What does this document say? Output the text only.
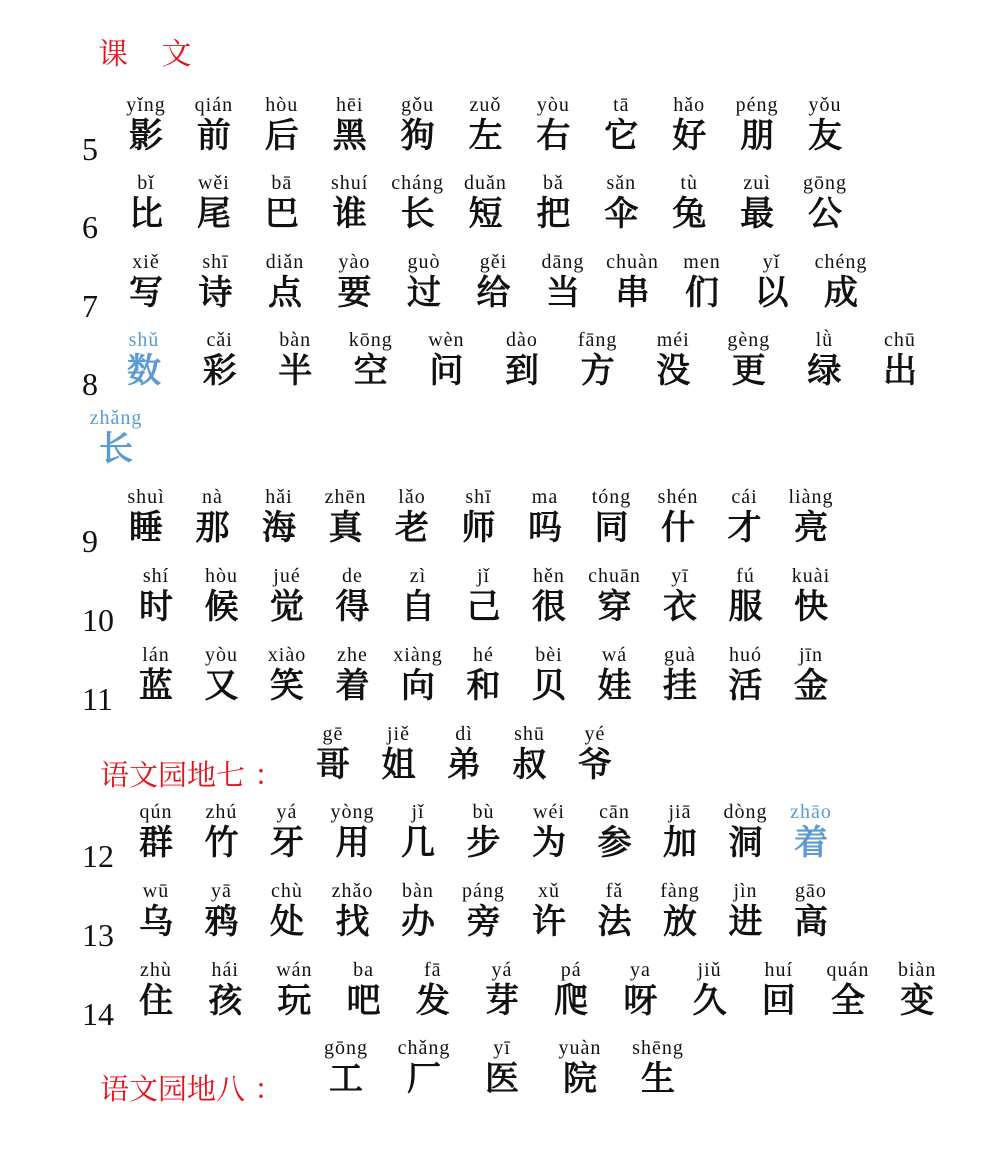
课 文
5
yǐng
影
qián
前
hòu
后
hēi
黑
gǒu
狗
zuǒ
左
yòu
右
tā
它
hǎo
好
péng
朋
yǒu
友
6
bǐ
比
wěi
尾
bā
巴
shuí
谁
cháng
长
duǎn
短
bǎ
把
sǎn
伞
tù
兔
zuì
最
gōng
公
7
xiě
写
shī
诗
diǎn
点
yào
要
guò
过
gěi
给
dāng
当
chuàn
串
men
们
yǐ
以
chéng
成
8
shǔ
数
cǎi
彩
bàn
半
kōng
空
wèn
问
dào
到
fāng
方
méi
没
gèng
更
lǜ
绿
chū
出
zhǎng
长
9
shuì
睡
nà
那
hǎi
海
zhēn
真
lǎo
老
shī
师
ma
吗
tóng
同
shén
什
cái
才
liàng
亮
10
shí
时
hòu
候
jué
觉
de
得
zì
自
jǐ
己
hěn
很
chuān
穿
yī
衣
fú
服
kuài
快
11
lán
蓝
yòu
又
xiào
笑
zhe
着
xiàng
向
hé
和
bèi
贝
wá
娃
guà
挂
huó
活
jīn
金
语文园地七 ：
gē
哥
jiě
姐
dì
弟
shū
叔
yé
爷
12
qún
群
zhú
竹
yá
牙
yòng
用
jǐ
几
bù
步
wéi
为
cān
参
jiā
加
dòng
洞
zhāo
着
13
wū
乌
yā
鸦
chù
处
zhǎo
找
bàn
办
páng
旁
xǔ
许
fǎ
法
fàng
放
jìn
进
gāo
高
14
zhù
住
hái
孩
wán
玩
ba
吧
fā
发
yá
芽
pá
爬
ya
呀
jiǔ
久
huí
回
quán
全
biàn
变
语文园地八 ：
gōng
工
chǎng
厂
yī
医
yuàn
院
shēng
生
